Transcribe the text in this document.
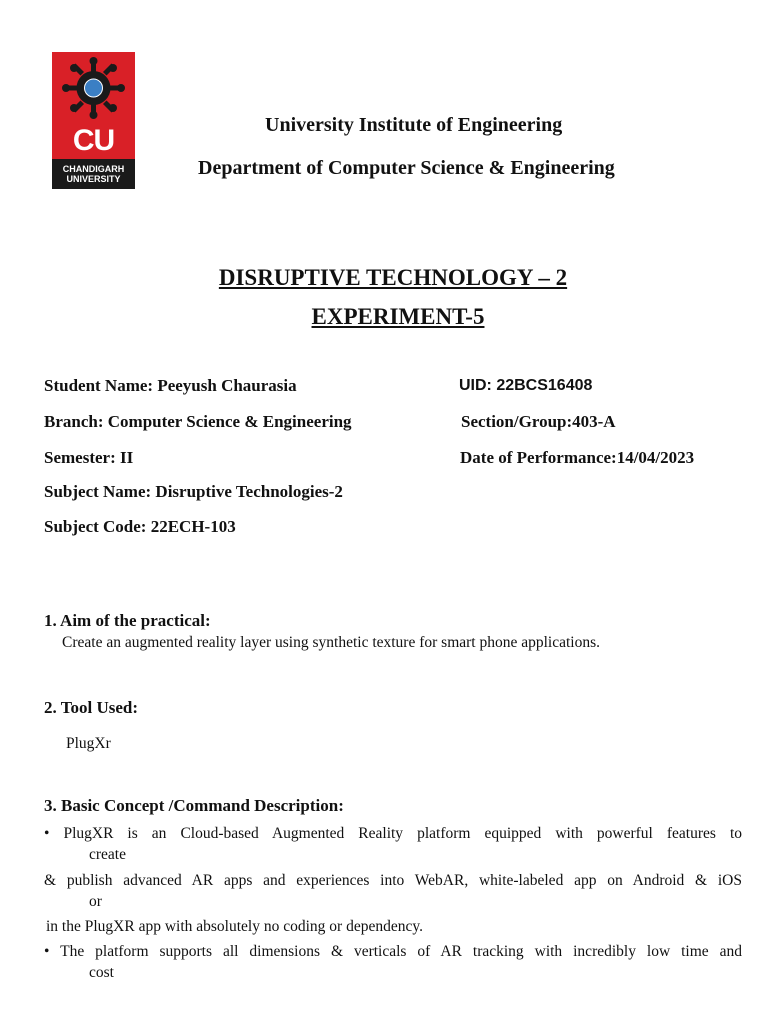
CU
CHANDIGARH
UNIVERSITY
University Institute of Engineering
Department of Computer Science & Engineering
DISRUPTIVE TECHNOLOGY – 2
EXPERIMENT-5
Student Name: Peeyush Chaurasia	UID: 22BCS16408
Branch: Computer Science & Engineering	Section/Group:403-A
Semester: II	Date of Performance:14/04/2023
Subject Name: Disruptive Technologies-2
Subject Code: 22ECH-103
1. Aim of the practical:
Create an augmented reality layer using synthetic texture for smart phone applications.
2. Tool Used:
PlugXr
3. Basic Concept /Command Description:
• PlugXR is an Cloud-based Augmented Reality platform equipped with powerful features to
create
& publish advanced AR apps and experiences into WebAR, white-labeled app on Android & iOS
or
in the PlugXR app with absolutely no coding or dependency.
• The platform supports all dimensions & verticals of AR tracking with incredibly low time and
cost
